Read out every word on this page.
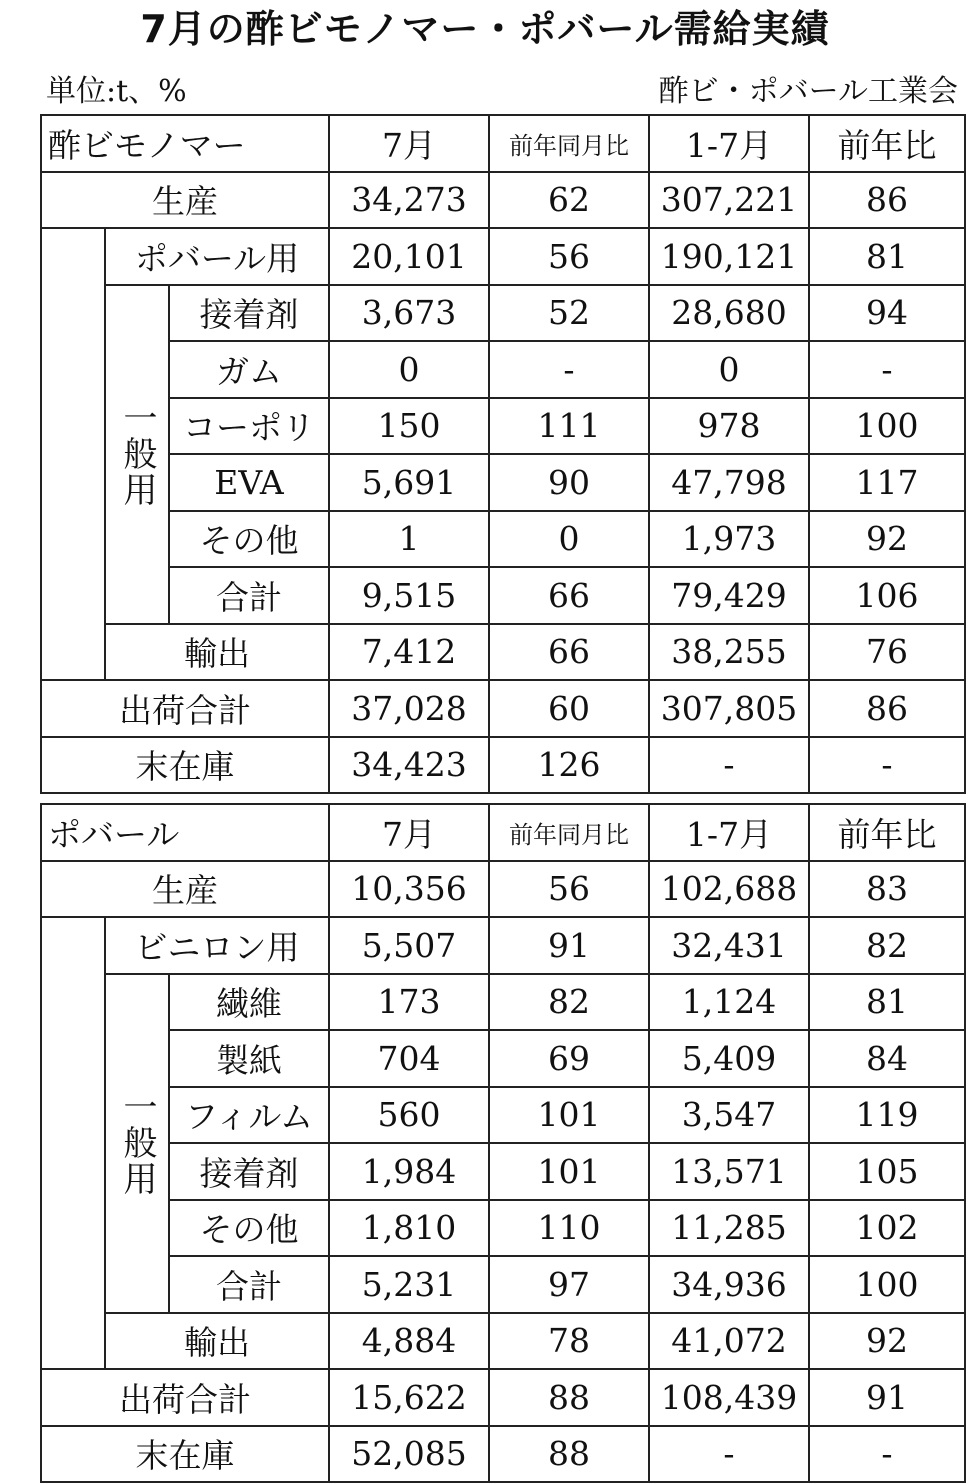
7月の酢ビモノマー・ポバール需給実績
単位:t、%	酢ビ・ポバール工業会
酢ビモノマー	7月	前年同月比	1-7月	前年比
生産	34,273	62	307,221	86
ポバール用	20,101	56	190,121	81
一般用
接着剤	3,673	52	28,680	94
ガム	0	-	0	-
コーポリ	150	111	978	100
EVA	5,691	90	47,798	117
その他	1	0	1,973	92
合計	9,515	66	79,429	106
輸出	7,412	66	38,255	76
出荷合計	37,028	60	307,805	86
末在庫	34,423	126	-	-
ポバール	7月	前年同月比	1-7月	前年比
生産	10,356	56	102,688	83
ビニロン用	5,507	91	32,431	82
一般用
繊維	173	82	1,124	81
製紙	704	69	5,409	84
フィルム	560	101	3,547	119
接着剤	1,984	101	13,571	105
その他	1,810	110	11,285	102
合計	5,231	97	34,936	100
輸出	4,884	78	41,072	92
出荷合計	15,622	88	108,439	91
末在庫	52,085	88	-	-
